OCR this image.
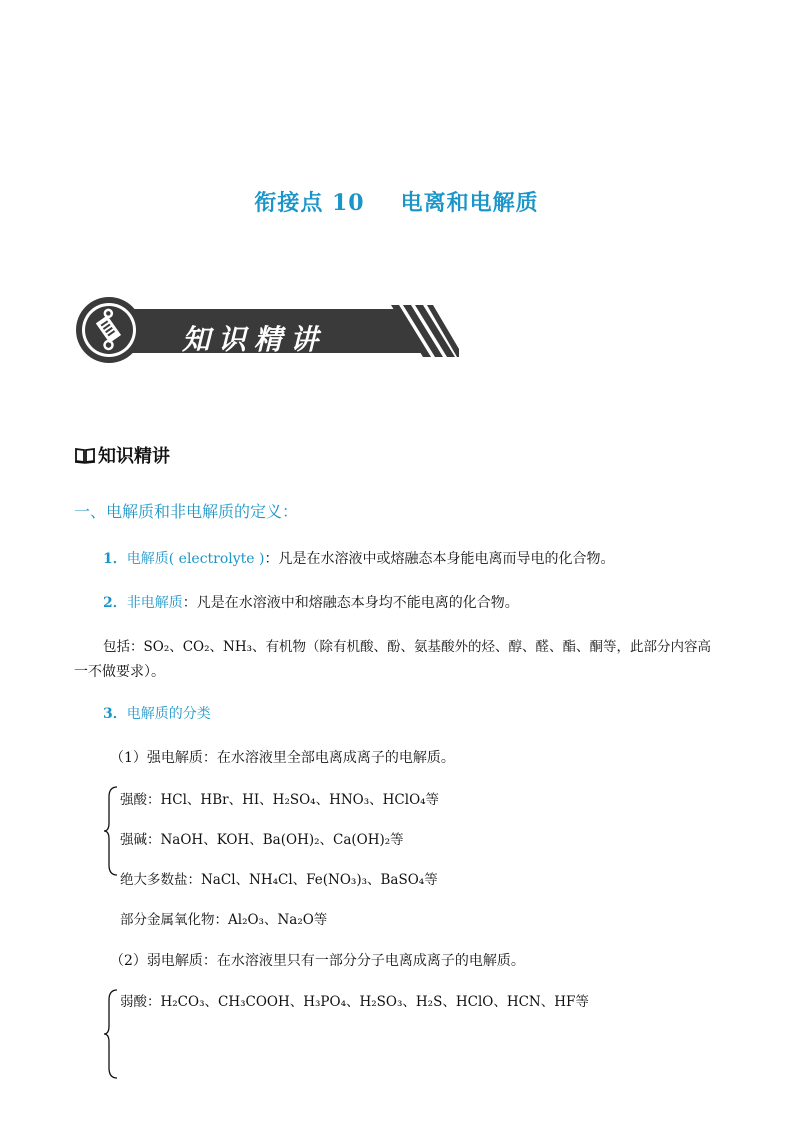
衔接点 10 电离和电解质
知识精讲
知识精讲
一、电解质和非电解质的定义：
1．电解质( electrolyte )：凡是在水溶液中或熔融态本身能电离而导电的化合物。
2．非电解质：凡是在水溶液中和熔融态本身均不能电离的化合物。
包括：SO₂、CO₂、NH₃、有机物（除有机酸、酚、氨基酸外的烃、醇、醛、酯、酮等，此部分内容高
一不做要求）。
3．电解质的分类
（1）强电解质：在水溶液里全部电离成离子的电解质。
强酸：HCl、HBr、HI、H₂SO₄、HNO₃、HClO₄等
强碱：NaOH、KOH、Ba(OH)₂、Ca(OH)₂等
绝大多数盐：NaCl、NH₄Cl、Fe(NO₃)₃、BaSO₄等
部分金属氧化物：Al₂O₃、Na₂O等
（2）弱电解质：在水溶液里只有一部分分子电离成离子的电解质。
弱酸：H₂CO₃、CH₃COOH、H₃PO₄、H₂SO₃、H₂S、HClO、HCN、HF等
